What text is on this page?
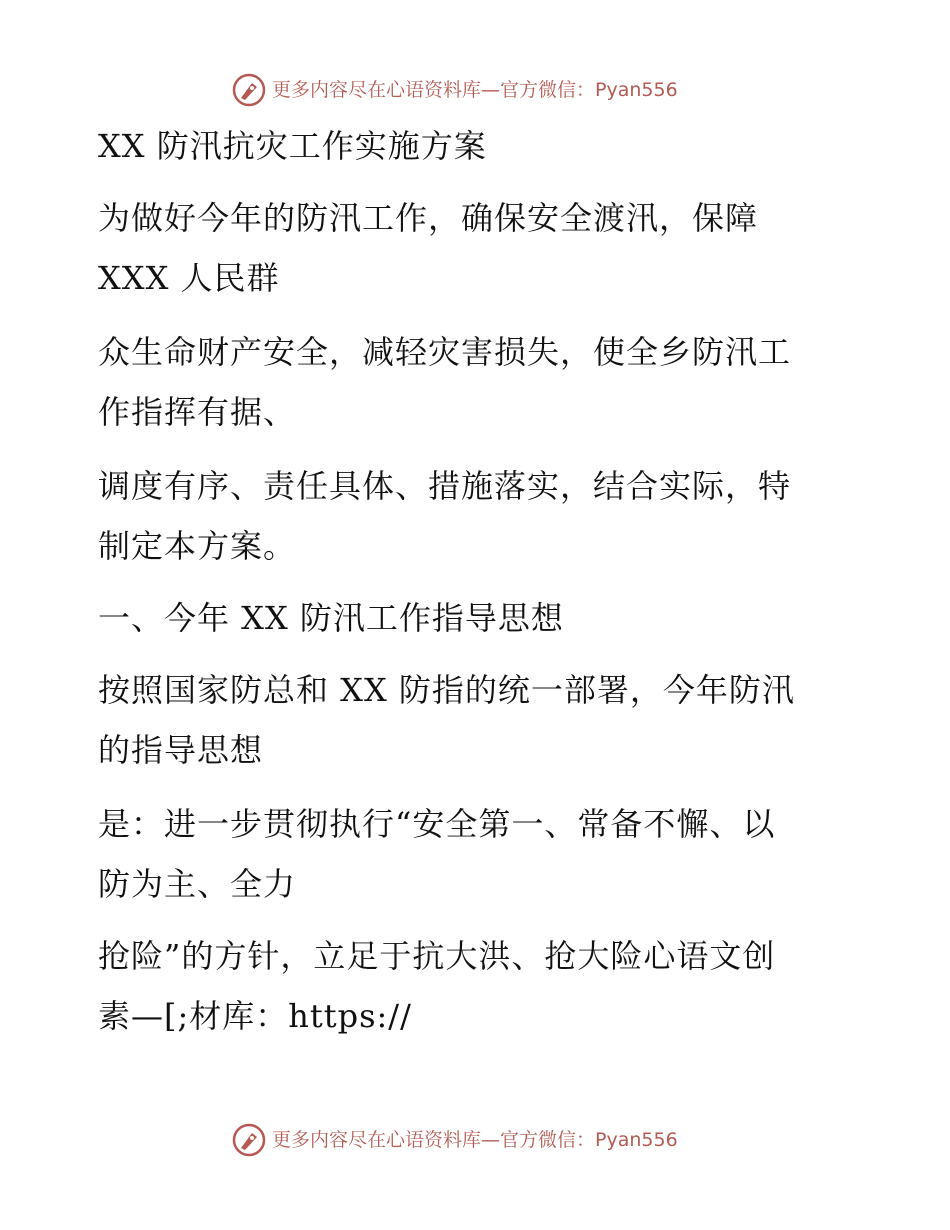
更多内容尽在心语资料库—官方微信：Pyan556
XX 防汛抗灾工作实施方案
为做好今年的防汛工作，确保安全渡汛，保障
XXX 人民群
众生命财产安全，减轻灾害损失，使全乡防汛工
作指挥有据、
调度有序、责任具体、措施落实，结合实际，特
制定本方案。
一、今年 XX 防汛工作指导思想
按照国家防总和 XX 防指的统一部署，今年防汛
的指导思想
是：进一步贯彻执行“安全第一、常备不懈、以
防为主、全力
抢险”的方针，立足于抗大洪、抢大险心语文创
素—[;材库：https://
更多内容尽在心语资料库—官方微信：Pyan556
